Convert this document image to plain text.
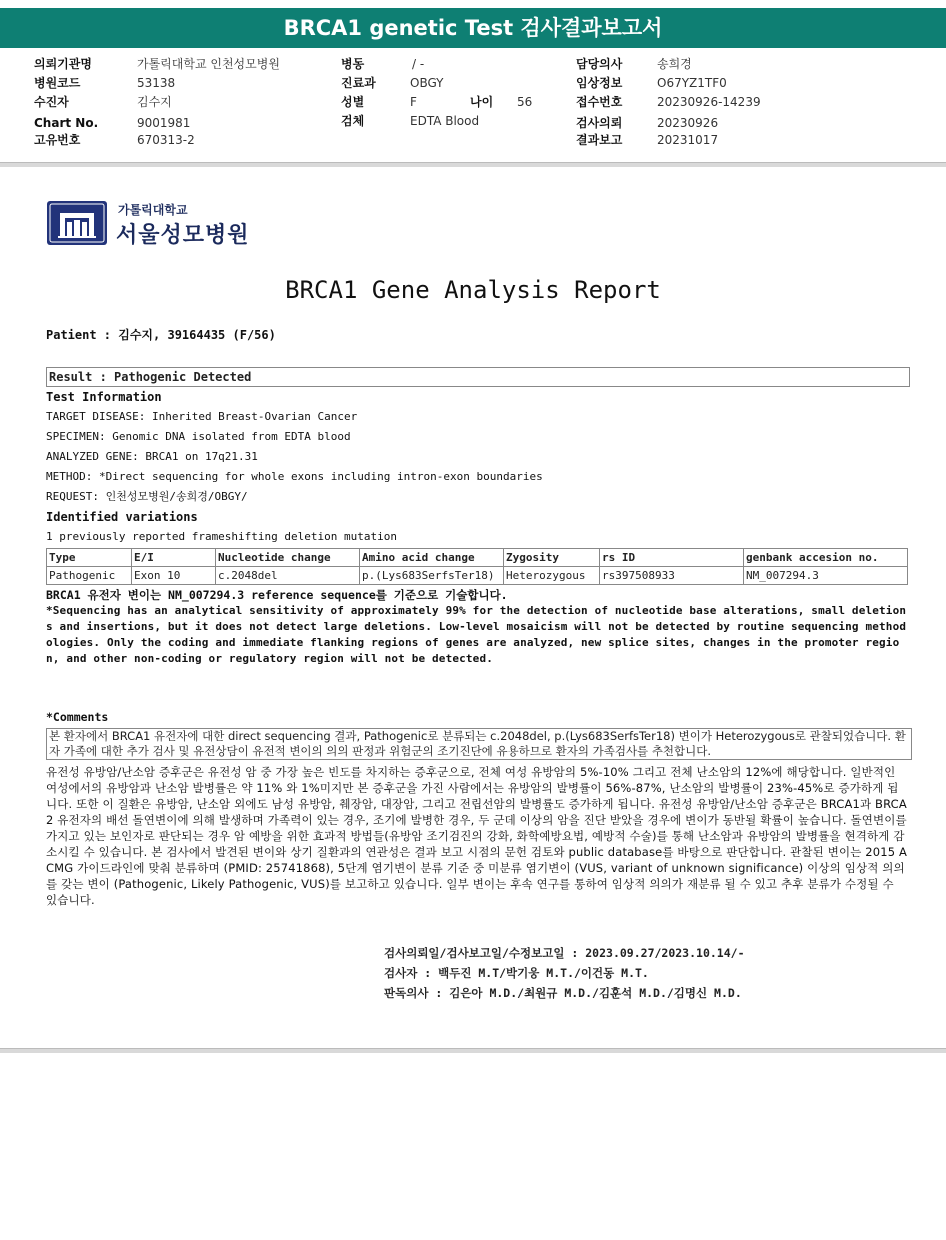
BRCA1 genetic Test 검사결과보고서
의뢰기관명	가톨릭대학교 인천성모병원
병원코드	53138
수진자	김수지
Chart No.	9001981
고유번호	670313-2
병동	/ -
진료과	OBGY
성별	F	나이 56
검체	EDTA Blood
담당의사	송희경
임상정보	O67YZ1TF0
접수번호	20230926-14239
검사의뢰	20230926
결과보고	20231017
가톨릭대학교
서울성모병원
BRCA1 Gene Analysis Report
Patient : 김수지, 39164435 (F/56)
Result : Pathogenic Detected
Test Information
TARGET DISEASE: Inherited Breast-Ovarian Cancer
SPECIMEN: Genomic DNA isolated from EDTA blood
ANALYZED GENE: BRCA1 on 17q21.31
METHOD: *Direct sequencing for whole exons including intron-exon boundaries
REQUEST: 인천성모병원/송희경/OBGY/
Identified variations
1 previously reported frameshifting deletion mutation
Type	E/I	Nucleotide change	Amino acid change	Zygosity	rs ID	genbank accesion no.
Pathogenic	Exon 10	c.2048del	p.(Lys683SerfsTer18)	Heterozygous	rs397508933	NM_007294.3
BRCA1 유전자 변이는 NM_007294.3 reference sequence를 기준으로 기술합니다.
*Sequencing has an analytical sensitivity of approximately 99% for the detection of nucleotide base alterations, small deletions and insertions, but it does not detect large deletions. Low-level mosaicism will not be detected by routine sequencing methodologies. Only the coding and immediate flanking regions of genes are analyzed, new splice sites, changes in the promoter region, and other non-coding or regulatory region will not be detected.
*Comments
본 환자에서 BRCA1 유전자에 대한 direct sequencing 결과, Pathogenic로 분류되는 c.2048del, p.(Lys683SerfsTer18) 변이가 Heterozygous로 관찰되었습니다. 환자 가족에 대한 추가 검사 및 유전상담이 유전적 변이의 의의 판정과 위험군의 조기진단에 유용하므로 환자의 가족검사를 추천합니다.
유전성 유방암/난소암 증후군은 유전성 암 중 가장 높은 빈도를 차지하는 증후군으로, 전체 여성 유방암의 5%-10% 그리고 전체 난소암의 12%에 해당합니다. 일반적인 여성에서의 유방암과 난소암 발병률은 약 11% 와 1%미지만 본 증후군을 가진 사람에서는 유방암의 발병률이 56%-87%, 난소암의 발병률이 23%-45%로 증가하게 됩니다. 또한 이 질환은 유방암, 난소암 외에도 남성 유방암, 췌장암, 대장암, 그리고 전립선암의 발병률도 증가하게 됩니다. 유전성 유방암/난소암 증후군은 BRCA1과 BRCA2 유전자의 배선 돌연변이에 의해 발생하며 가족력이 있는 경우, 조기에 발병한 경우, 두 군데 이상의 암을 진단 받았을 경우에 변이가 동반될 확률이 높습니다. 돌연변이를 가지고 있는 보인자로 판단되는 경우 암 예방을 위한 효과적 방법들(유방암 조기검진의 강화, 화학예방요법, 예방적 수술)를 통해 난소암과 유방암의 발병률을 현격하게 감소시킬 수 있습니다. 본 검사에서 발견된 변이와 상기 질환과의 연관성은 결과 보고 시점의 문헌 검토와 public database를 바탕으로 판단합니다. 관찰된 변이는 2015 ACMG 가이드라인에 맞춰 분류하며 (PMID: 25741868), 5단계 염기변이 분류 기준 중 미분류 염기변이 (VUS, variant of unknown significance) 이상의 임상적 의의를 갖는 변이 (Pathogenic, Likely Pathogenic, VUS)를 보고하고 있습니다. 일부 변이는 후속 연구를 통하여 임상적 의의가 재분류 될 수 있고 추후 분류가 수정될 수 있습니다.
검사의뢰일/검사보고일/수정보고일 : 2023.09.27/2023.10.14/-
검사자 : 백두진 M.T/박기웅 M.T./이건동 M.T.
판독의사 : 김은아 M.D./최원규 M.D./김훈석 M.D./김명신 M.D.
